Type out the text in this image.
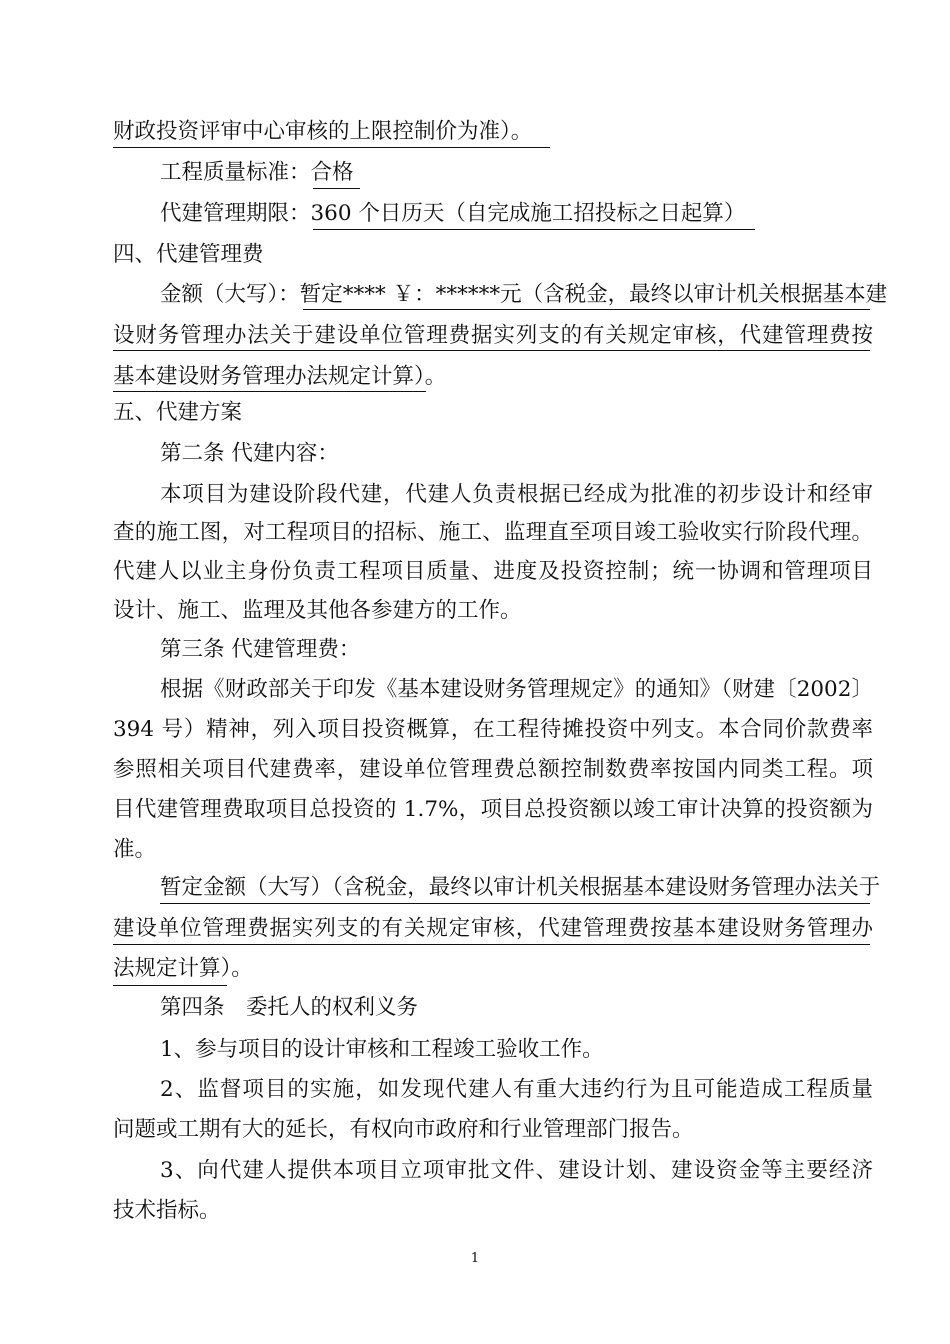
财政投资评审中心审核的上限控制价为准）。
工程质量标准：合格
代建管理期限：360 个日历天（自完成施工招投标之日起算）
四、代建管理费
金额（大写）：暂定**** ￥：******元（含税金，最终以审计机关根据基本建
设财务管理办法关于建设单位管理费据实列支的有关规定审核，代建管理费按
基本建设财务管理办法规定计算）。
五、代建方案
第二条 代建内容：
本项目为建设阶段代建，代建人负责根据已经成为批准的初步设计和经审
查的施工图，对工程项目的招标、施工、监理直至项目竣工验收实行阶段代理。
代建人以业主身份负责工程项目质量、进度及投资控制；统一协调和管理项目
设计、施工、监理及其他各参建方的工作。
第三条 代建管理费：
根据《财政部关于印发《基本建设财务管理规定》的通知》（财建〔2002〕
394 号）精神，列入项目投资概算，在工程待摊投资中列支。本合同价款费率
参照相关项目代建费率，建设单位管理费总额控制数费率按国内同类工程。项
目代建管理费取项目总投资的 1.7%，项目总投资额以竣工审计决算的投资额为
准。
暂定金额（大写）（含税金，最终以审计机关根据基本建设财务管理办法关于
建设单位管理费据实列支的有关规定审核，代建管理费按基本建设财务管理办
法规定计算）。
第四条　委托人的权利义务
1、参与项目的设计审核和工程竣工验收工作。
2、监督项目的实施，如发现代建人有重大违约行为且可能造成工程质量
问题或工期有大的延长，有权向市政府和行业管理部门报告。
3、向代建人提供本项目立项审批文件、建设计划、建设资金等主要经济
技术指标。
1
